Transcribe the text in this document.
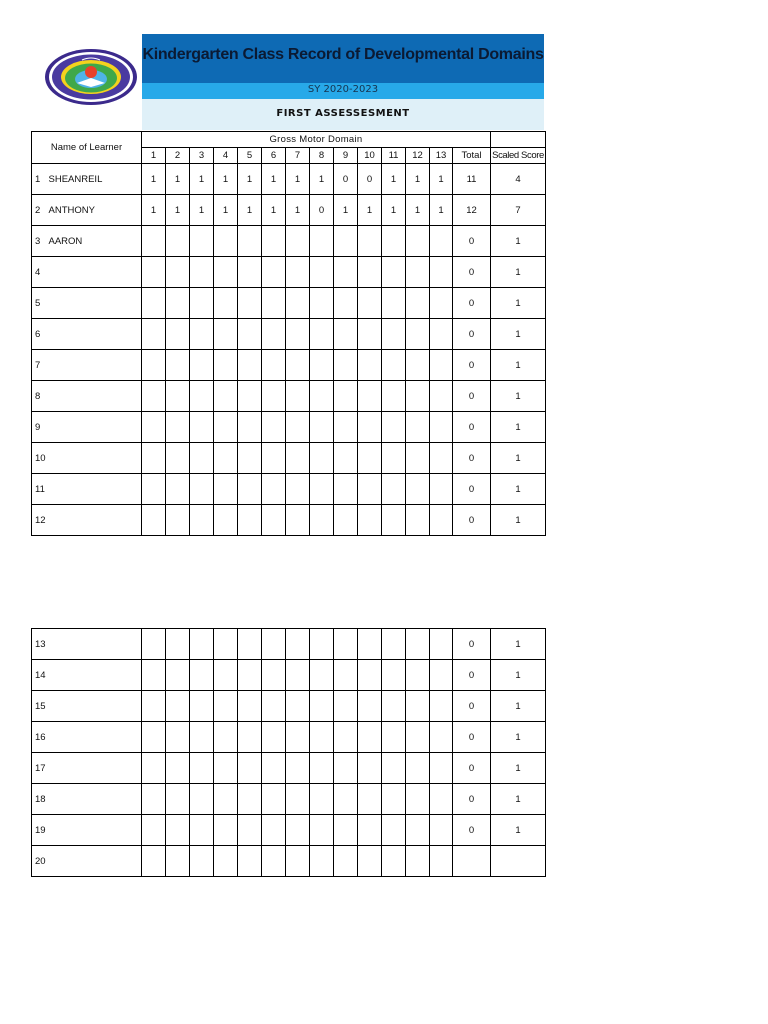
Kindergarten Class Record of Developmental Domains
SY 2020-2023
FIRST ASSESSESMENT
Name of Learner		Gross Motor Domain														
		1	2	3	4	5	6	7	8	9	10	11	12	13	Total	Scaled Score
1	SHEANREIL	1	1	1	1	1	1	1	1	0	0	1	1	1	11	4
2	ANTHONY	1	1	1	1	1	1	1	0	1	1	1	1	1	12	7
3	AARON														0	1
4															0	1
5															0	1
6															0	1
7															0	1
8															0	1
9															0	1
10															0	1
11															0	1
12															0	1
13															0	1
14															0	1
15															0	1
16															0	1
17															0	1
18															0	1
19															0	1
20																
